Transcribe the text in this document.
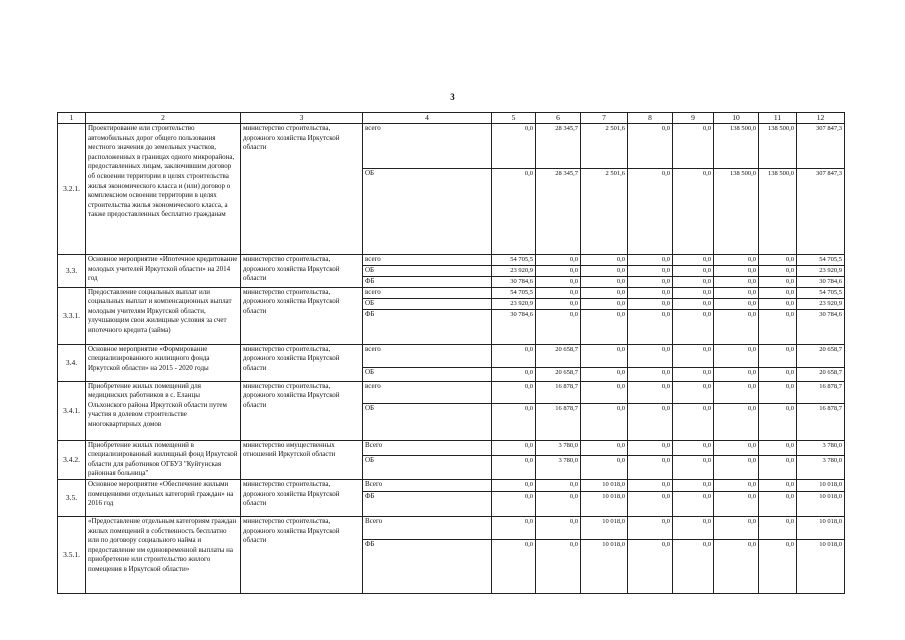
3
1	2	3	4	5	6	7	8	9	10	11	12
3.2.1.	Проектирование или строительство автомобильных дорог общего пользования местного значения до земельных участков, расположенных в границах одного микрорайона, предоставленных лицам, заключившим договор об освоении территории в целях строительства жилья экономического класса и (или) договор о комплексном освоении территории в целях строительства жилья экономического класса, а также предоставленных бесплатно гражданам	министерство строительства, дорожного хозяйства Иркутской области	всего	0,0	28 345,7	2 501,6	0,0	0,0	138 500,0	138 500,0	307 847,3
			ОБ	0,0	28 345,7	2 501,6	0,0	0,0	138 500,0	138 500,0	307 847,3
3.3.	Основное мероприятие «Ипотечное кредитование молодых учителей Иркутской области» на 2014 год	министерство строительства, дорожного хозяйства Иркутской области	всего	54 705,5	0,0	0,0	0,0	0,0	0,0	0,0	54 705,5
			ОБ	23 920,9	0,0	0,0	0,0	0,0	0,0	0,0	23 920,9
			ФБ	30 784,6	0,0	0,0	0,0	0,0	0,0	0,0	30 784,6
3.3.1.	Предоставление социальных выплат или социальных выплат и компенсационных выплат молодым учителям Иркутской области, улучшающим свои жилищные условия за счет ипотечного кредита (займа)	министерство строительства, дорожного хозяйства Иркутской области	всего	54 705,5	0,0	0,0	0,0	0,0	0,0	0,0	54 705,5
			ОБ	23 920,9	0,0	0,0	0,0	0,0	0,0	0,0	23 920,9
			ФБ	30 784,6	0,0	0,0	0,0	0,0	0,0	0,0	30 784,6
3.4.	Основное мероприятие «Формирование специализированного жилищного фонда Иркутской области» на 2015 - 2020 годы	министерство строительства, дорожного хозяйства Иркутской области	всего	0,0	20 658,7	0,0	0,0	0,0	0,0	0,0	20 658,7
			ОБ	0,0	20 658,7	0,0	0,0	0,0	0,0	0,0	20 658,7
3.4.1.	Приобретение жилых помещений для медицинских работников в с. Еланцы Ольхонского района Иркутской области путем участия в долевом строительстве многоквартирных домов	министерство строительства, дорожного хозяйства Иркутской области	всего	0,0	16 878,7	0,0	0,0	0,0	0,0	0,0	16 878,7
			ОБ	0,0	16 878,7	0,0	0,0	0,0	0,0	0,0	16 878,7
3.4.2.	Приобретение жилых помещений в специализированный жилищный фонд Иркутской области для работников ОГБУЗ "Куйтунская районная больница"	министерство имущественных отношений Иркутской области	Всего	0,0	3 780,0	0,0	0,0	0,0	0,0	0,0	3 780,0
			ОБ	0,0	3 780,0	0,0	0,0	0,0	0,0	0,0	3 780,0
3.5.	Основное мероприятие «Обеспечение жилыми помещениями отдельных категорий граждан» на 2016 год	министерство строительства, дорожного хозяйства Иркутской области	Всего	0,0	0,0	10 018,0	0,0	0,0	0,0	0,0	10 018,0
			ФБ	0,0	0,0	10 018,0	0,0	0,0	0,0	0,0	10 018,0
3.5.1.	«Предоставление отдельным категориям граждан жилых помещений в собственность бесплатно или по договору социального найма и предоставление им единовременной выплаты на приобретение или строительство жилого помещения в Иркутской области»	министерство строительства, дорожного хозяйства Иркутской области	Всего	0,0	0,0	10 018,0	0,0	0,0	0,0	0,0	10 018,0
			ФБ	0,0	0,0	10 018,0	0,0	0,0	0,0	0,0	10 018,0
